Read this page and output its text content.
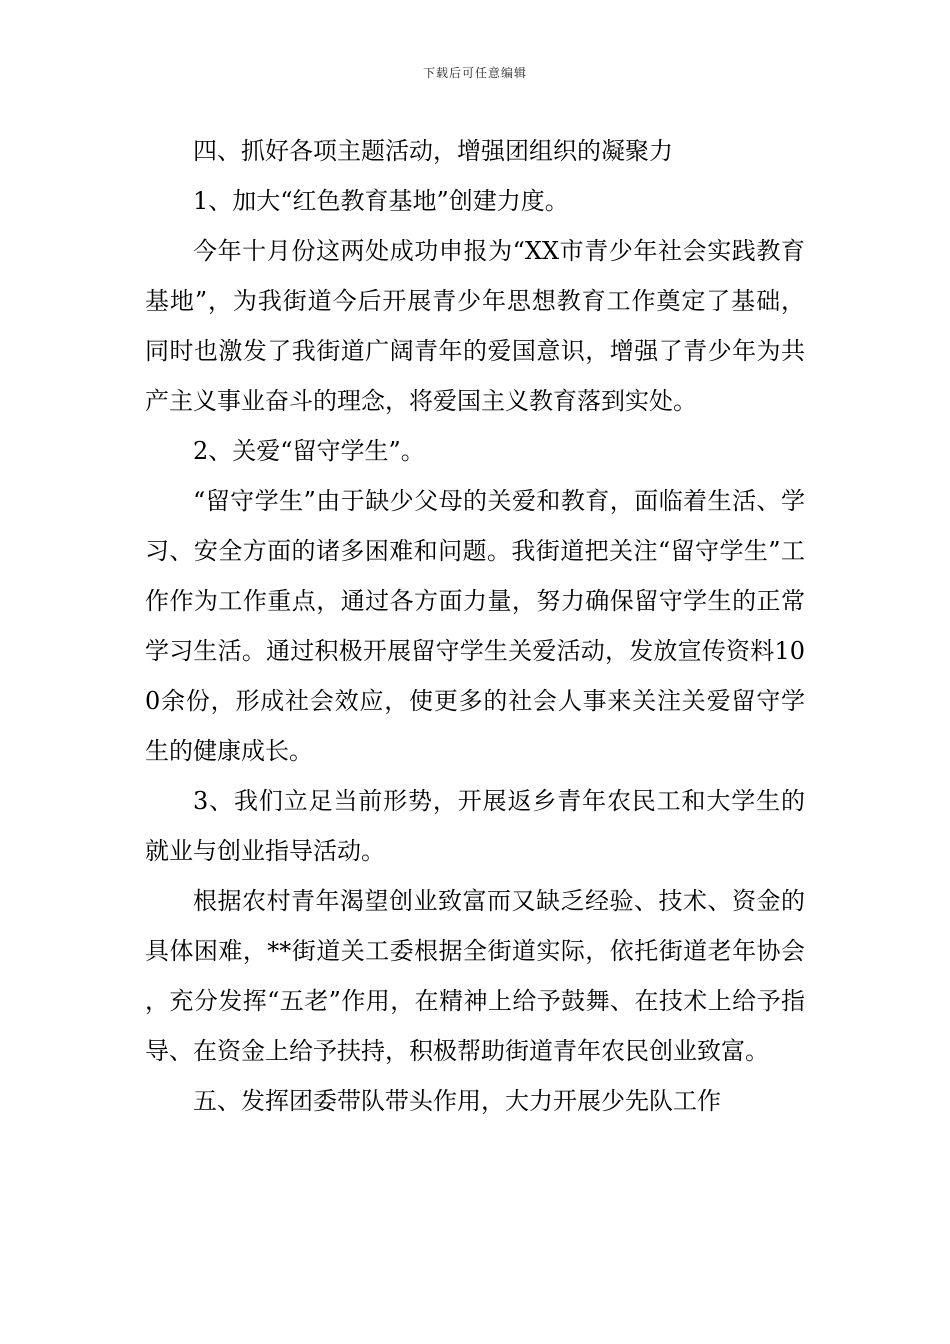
下载后可任意编辑

四、抓好各项主题活动，增强团组织的凝聚力

1、加大“红色教育基地”创建力度。

今年十月份这两处成功申报为“XX市青少年社会实践教育基地”，为我街道今后开展青少年思想教育工作奠定了基础，同时也激发了我街道广阔青年的爱国意识，增强了青少年为共产主义事业奋斗的理念，将爱国主义教育落到实处。

2、关爱“留守学生”。

“留守学生”由于缺少父母的关爱和教育，面临着生活、学习、安全方面的诸多困难和问题。我街道把关注“留守学生”工作作为工作重点，通过各方面力量，努力确保留守学生的正常学习生活。通过积极开展留守学生关爱活动，发放宣传资料100余份，形成社会效应，使更多的社会人事来关注关爱留守学生的健康成长。

3、我们立足当前形势，开展返乡青年农民工和大学生的就业与创业指导活动。

根据农村青年渴望创业致富而又缺乏经验、技术、资金的具体困难，**街道关工委根据全街道实际，依托街道老年协会，充分发挥“五老”作用，在精神上给予鼓舞、在技术上给予指导、在资金上给予扶持，积极帮助街道青年农民创业致富。

五、发挥团委带队带头作用，大力开展少先队工作
